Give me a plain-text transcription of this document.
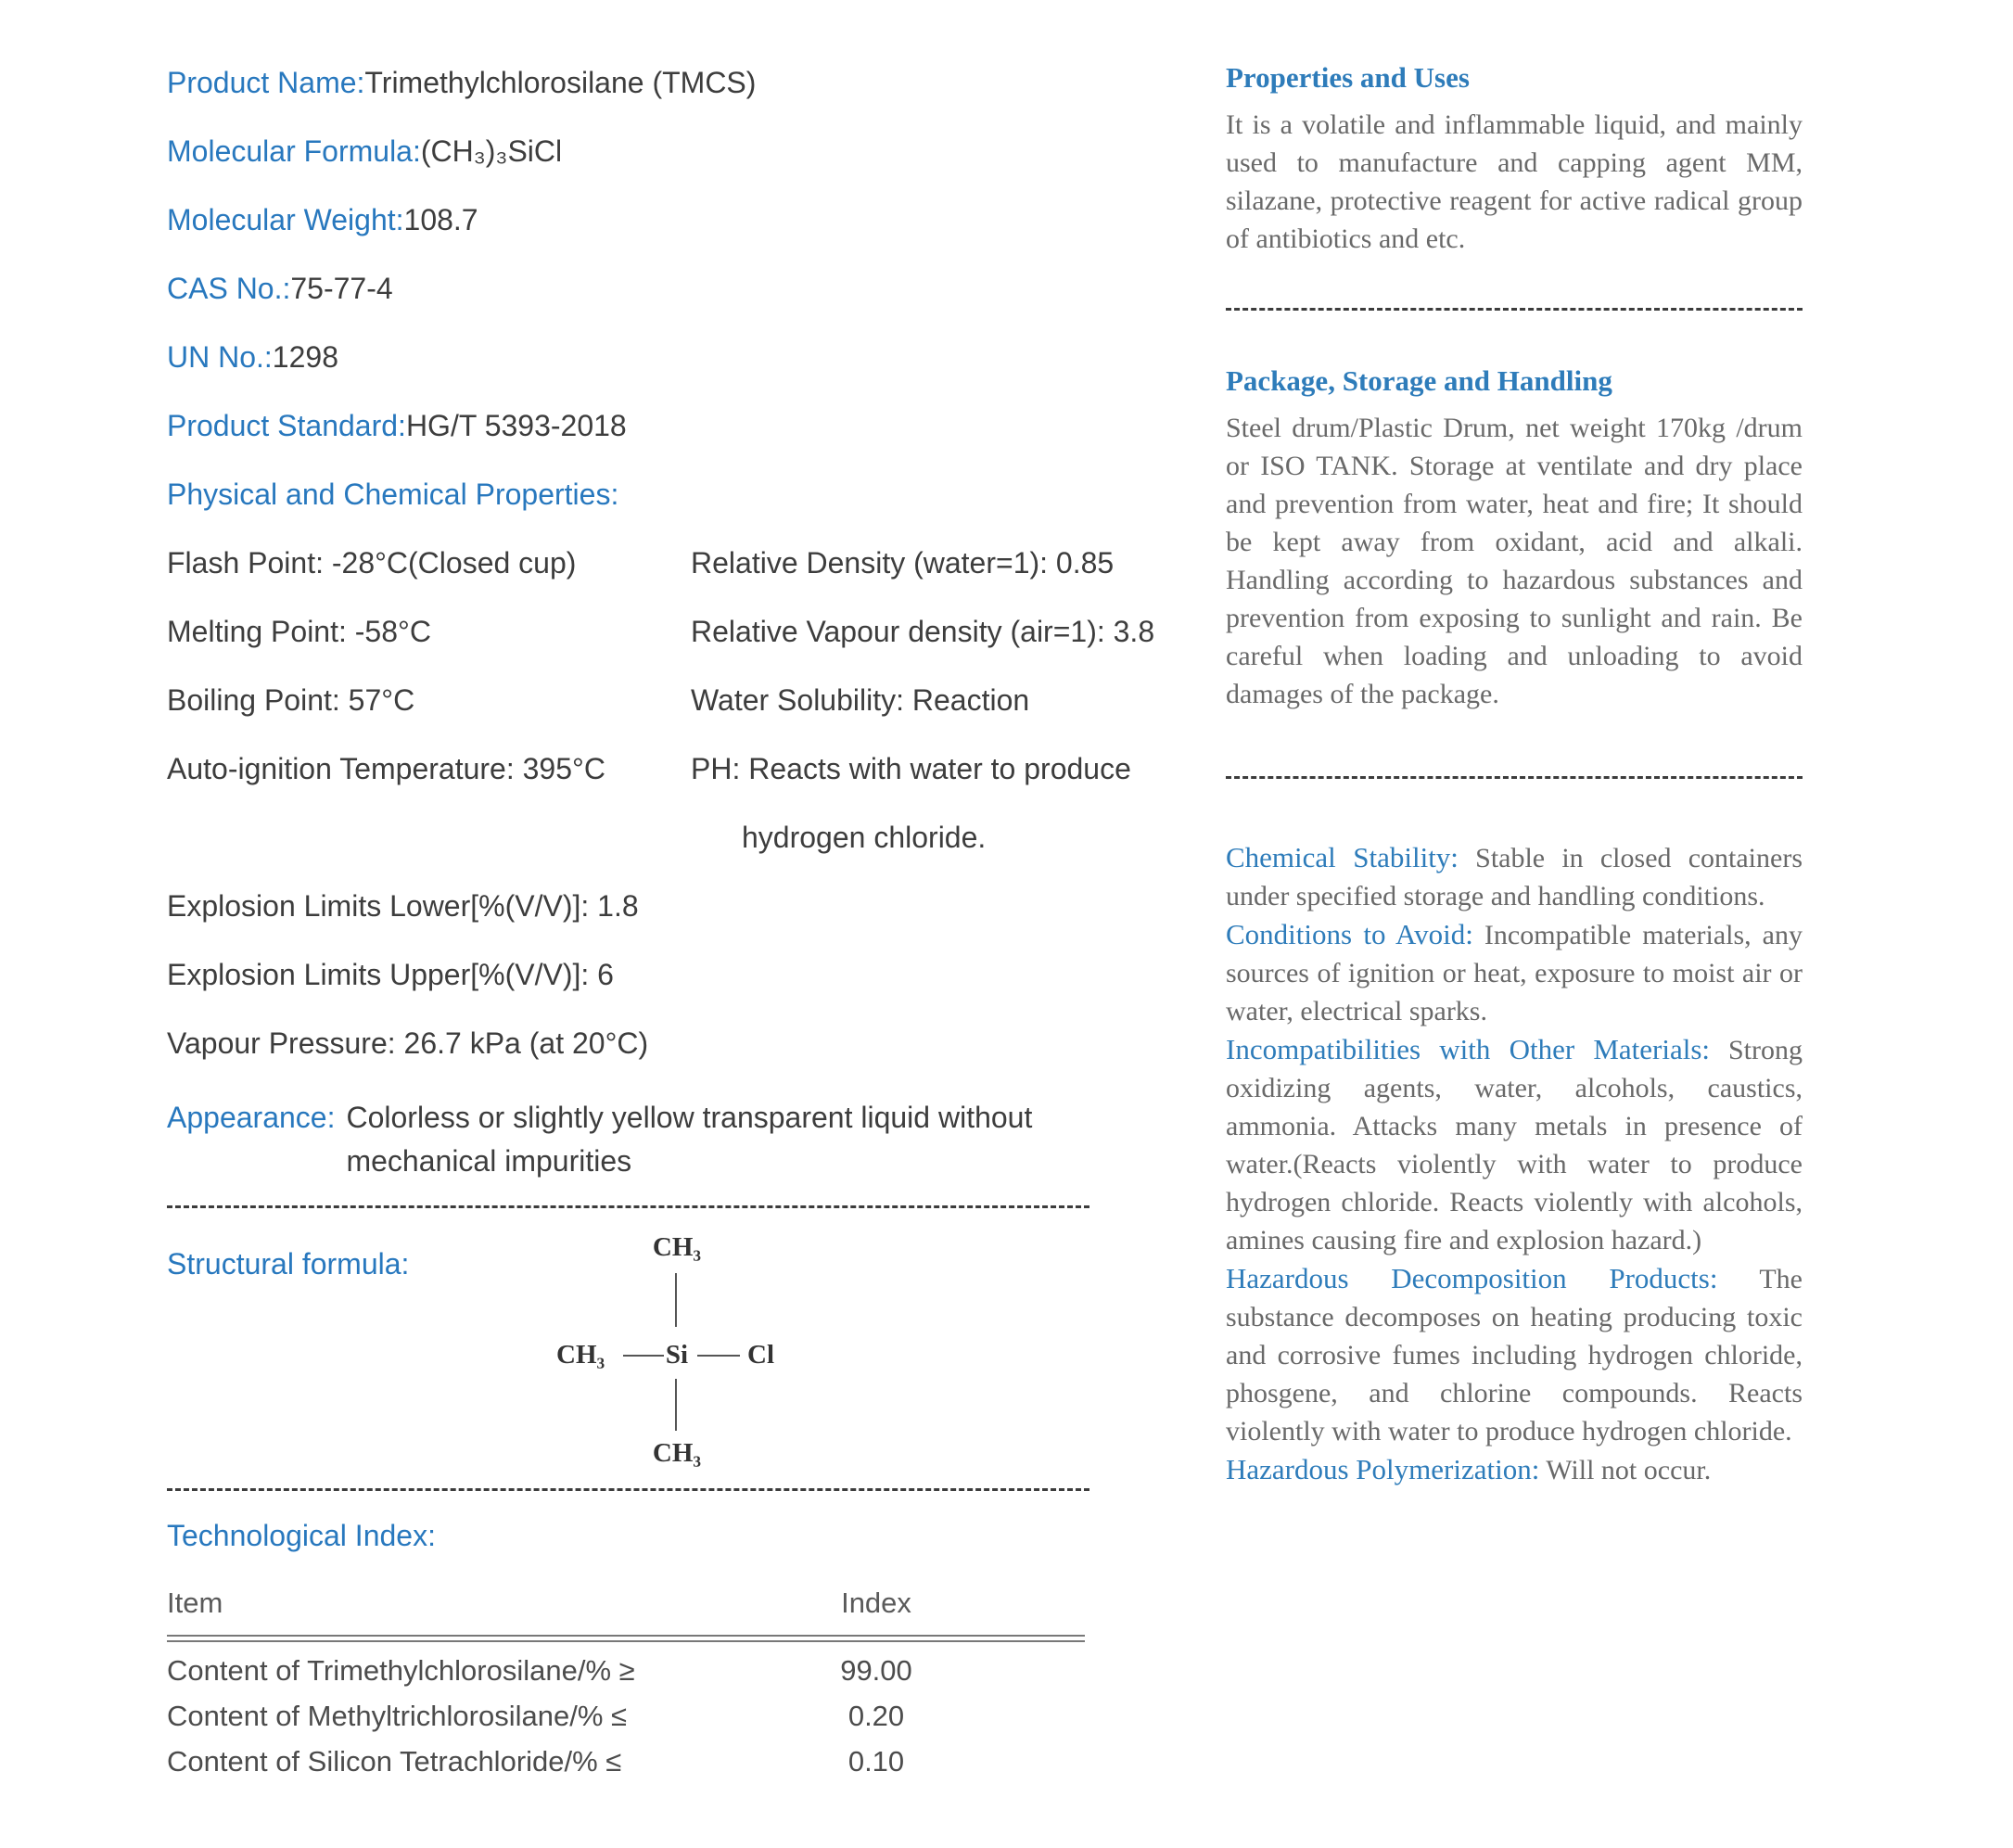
Product Name:Trimethylchlorosilane (TMCS)
Molecular Formula:(CH₃)₃SiCl
Molecular Weight:108.7
CAS No.:75-77-4
UN No.:1298
Product Standard:HG/T 5393-2018
Physical and Chemical Properties:
Flash Point: -28°C(Closed cup)	Relative Density (water=1): 0.85
Melting Point: -58°C	Relative Vapour density (air=1): 3.8
Boiling Point: 57°C	Water Solubility: Reaction
Auto-ignition Temperature: 395°C	PH: Reacts with water to produce
hydrogen chloride.
Explosion Limits Lower[%(V/V)]: 1.8
Explosion Limits Upper[%(V/V)]: 6
Vapour Pressure: 26.7 kPa (at 20°C)
Appearance: Colorless or slightly yellow transparent liquid without mechanical impurities
Structural formula:	CH₃
CH₃ Si Cl
CH₃
Technological Index:
Item	Index
Content of Trimethylchlorosilane/% ≥	99.00
Content of Methyltrichlorosilane/% ≤	0.20
Content of Silicon Tetrachloride/% ≤	0.10
Properties and Uses

It is a volatile and inflammable liquid, and mainly used to manufacture and capping agent MM, silazane, protective reagent for active radical group of antibiotics and etc.

Package, Storage and Handling

Steel drum/Plastic Drum, net weight 170kg /drum or ISO TANK. Storage at ventilate and dry place and prevention from water, heat and fire; It should be kept away from oxidant, acid and alkali. Handling according to hazardous substances and prevention from exposing to sunlight and rain. Be careful when loading and unloading to avoid damages of the package.

Chemical Stability: Stable in closed containers under specified storage and handling conditions.

Conditions to Avoid: Incompatible materials, any sources of ignition or heat, exposure to moist air or water, electrical sparks.

Incompatibilities with Other Materials: Strong oxidizing agents, water, alcohols, caustics, ammonia. Attacks many metals in presence of water.(Reacts violently with water to produce hydrogen chloride. Reacts violently with alcohols, amines causing fire and explosion hazard.)

Hazardous Decomposition Products: The substance decomposes on heating producing toxic and corrosive fumes including hydrogen chloride, phosgene, and chlorine compounds. Reacts violently with water to produce hydrogen chloride.

Hazardous Polymerization: Will not occur.
